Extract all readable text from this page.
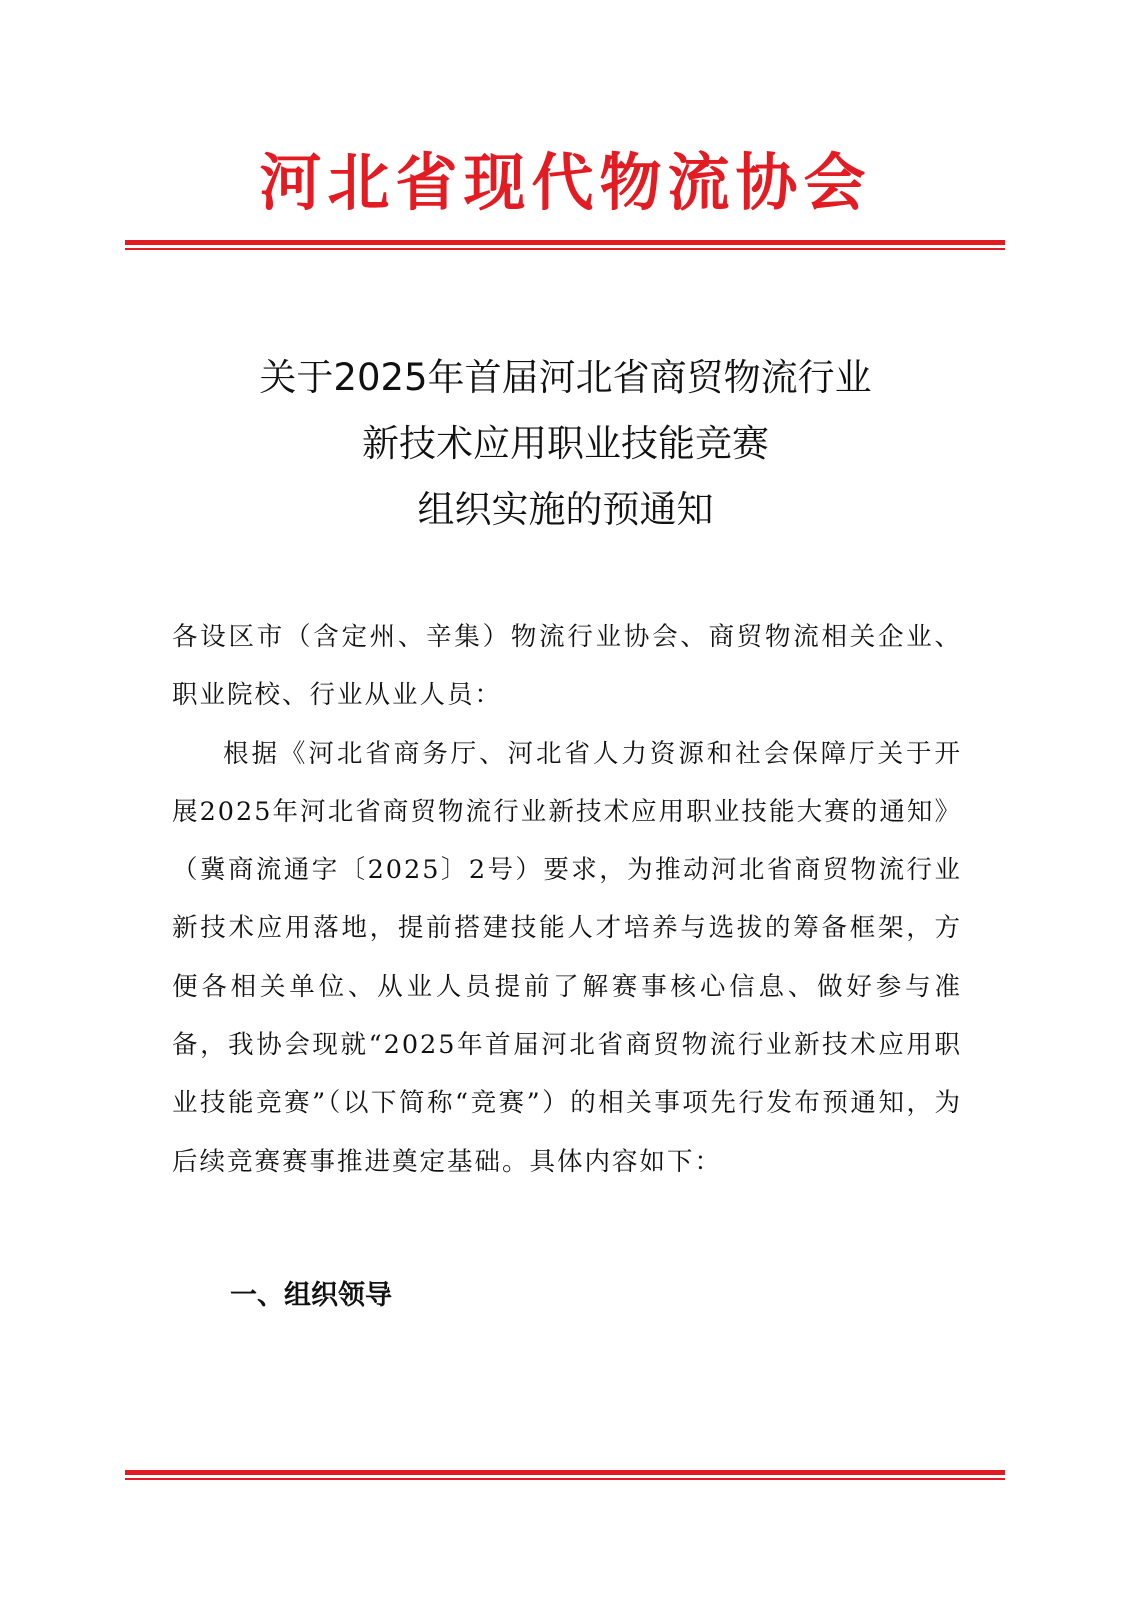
河北省现代物流协会
关于2025年首届河北省商贸物流行业
新技术应用职业技能竞赛
组织实施的预通知

各设区市（含定州、辛集）物流行业协会、商贸物流相关企业、职业院校、行业从业人员：

根据《河北省商务厅、河北省人力资源和社会保障厅关于开展2025年河北省商贸物流行业新技术应用职业技能大赛的通知》（冀商流通字〔2025〕2号）要求，为推动河北省商贸物流行业新技术应用落地，提前搭建技能人才培养与选拔的筹备框架，方便各相关单位、从业人员提前了解赛事核心信息、做好参与准备，我协会现就“2025年首届河北省商贸物流行业新技术应用职业技能竞赛”（以下简称“竞赛”）的相关事项先行发布预通知，为后续竞赛赛事推进奠定基础。具体内容如下：

一、组织领导
